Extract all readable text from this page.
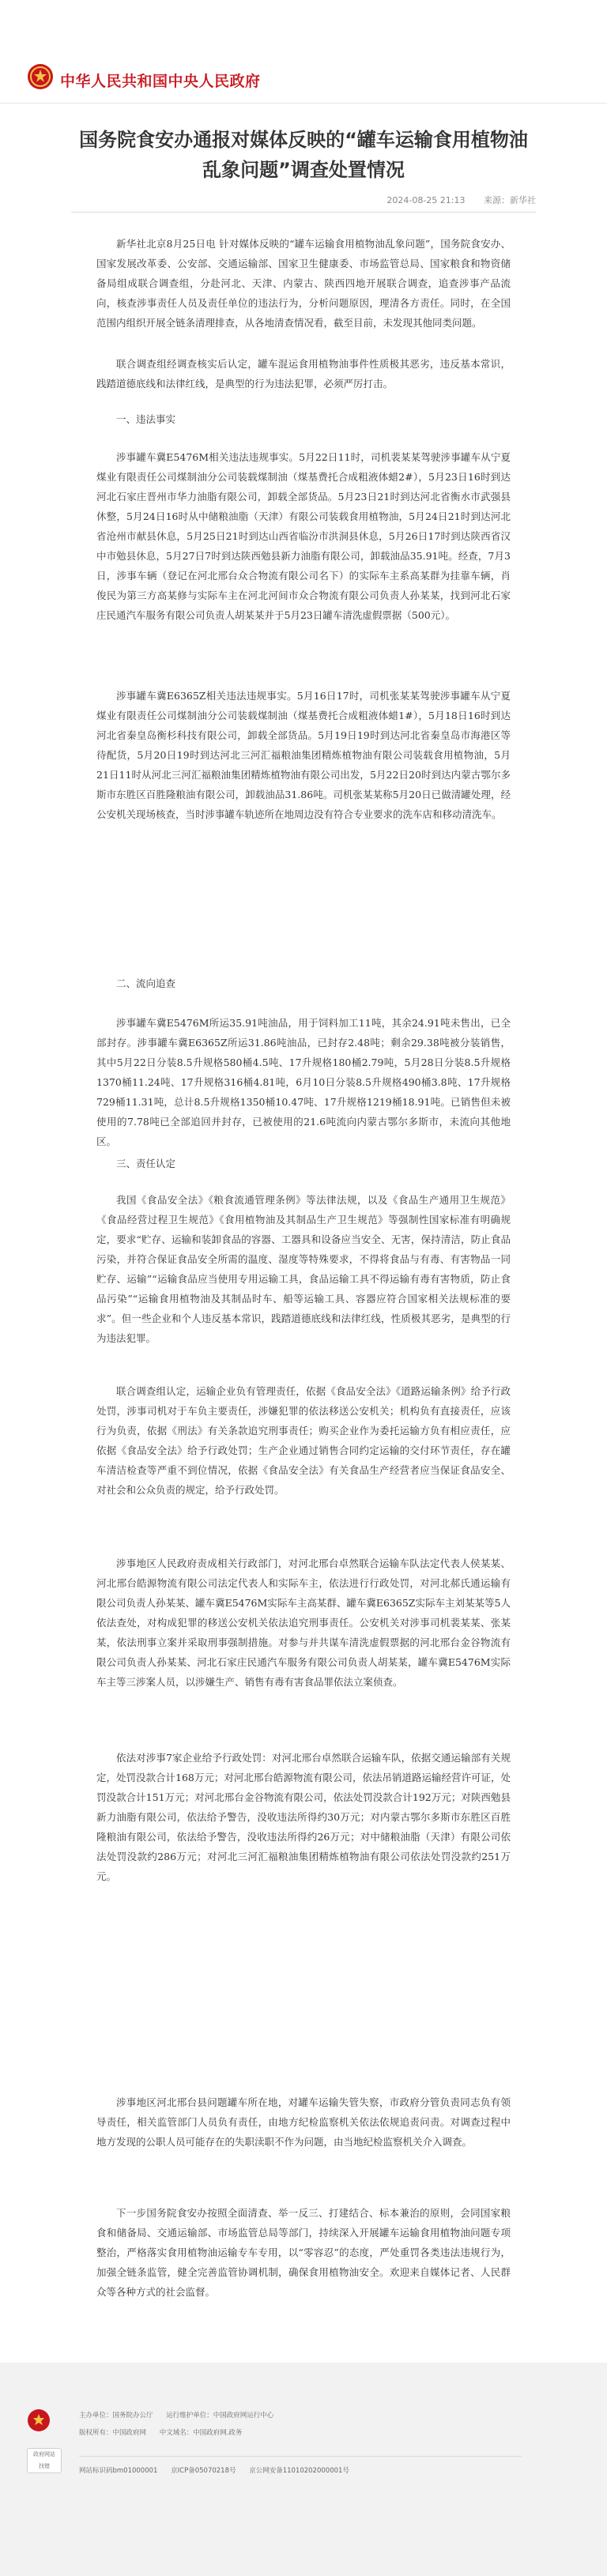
中华人民共和国中央人民政府
国务院食安办通报对媒体反映的“罐车运输食用植物油乱象问题”调查处置情况
2024-08-25 21:13 来源：新华社

新华社北京8月25日电 针对媒体反映的“罐车运输食用植物油乱象问题”，国务院食安办、国家发展改革委、公安部、交通运输部、国家卫生健康委、市场监管总局、国家粮食和物资储备局组成联合调查组，分赴河北、天津、内蒙古、陕西四地开展联合调查，追查涉事产品流向，核查涉事责任人员及责任单位的违法行为，分析问题原因，理清各方责任。同时，在全国范围内组织开展全链条清理排查，从各地清查情况看，截至目前，未发现其他同类问题。

联合调查组经调查核实后认定，罐车混运食用植物油事件性质极其恶劣，违反基本常识，践踏道德底线和法律红线，是典型的行为违法犯罪，必须严厉打击。

一、违法事实

涉事罐车冀E5476M相关违法违规事实。5月22日11时，司机裴某某驾驶涉事罐车从宁夏煤业有限责任公司煤制油分公司装载煤制油（煤基费托合成粗液体蜡2#），5月23日16时到达河北石家庄晋州市华力油脂有限公司，卸载全部货品。5月23日21时到达河北省衡水市武强县休整，5月24日16时从中储粮油脂（天津）有限公司装载食用植物油，5月24日21时到达河北省沧州市献县休息，5月25日21时到达山西省临汾市洪洞县休息，5月26日17时到达陕西省汉中市勉县休息，5月27日7时到达陕西勉县新力油脂有限公司，卸载油品35.91吨。经查，7月3日，涉事车辆（登记在河北邢台众合物流有限公司名下）的实际车主系高某群为挂靠车辆，肖俊民为第三方高某修与实际车主在河北河间市众合物流有限公司负责人孙某某，找到河北石家庄民通汽车服务有限公司负责人胡某某并于5月23日罐车清洗虚假票据（500元）。

涉事罐车冀E6365Z相关违法违规事实。5月16日17时，司机张某某驾驶涉事罐车从宁夏煤业有限责任公司煤制油分公司装载煤制油（煤基费托合成粗液体蜡1#），5月18日16时到达河北省秦皇岛衡杉科技有限公司，卸载全部货品。5月19日19时到达河北省秦皇岛市海港区等待配货，5月20日19时到达河北三河汇福粮油集团精炼植物油有限公司装载食用植物油，5月21日11时从河北三河汇福粮油集团精炼植物油有限公司出发，5月22日20时到达内蒙古鄂尔多斯市东胜区百胜隆粮油有限公司，卸载油品31.86吨。司机张某某称5月20日已做清罐处理，经公安机关现场核查，当时涉事罐车轨迹所在地周边没有符合专业要求的洗车店和移动清洗车。

二、流向追查

涉事罐车冀E5476M所运35.91吨油品，用于饲料加工11吨，其余24.91吨未售出，已全部封存。涉事罐车冀E6365Z所运31.86吨油品，已封存2.48吨；剩余29.38吨被分装销售，其中5月22日分装8.5升规格580桶4.5吨、17升规格180桶2.79吨，5月28日分装8.5升规格1370桶11.24吨、17升规格316桶4.81吨，6月10日分装8.5升规格490桶3.8吨、17升规格729桶11.31吨，总计8.5升规格1350桶10.47吨、17升规格1219桶18.91吨。已销售但未被使用的7.78吨已全部追回并封存，已被使用的21.6吨流向内蒙古鄂尔多斯市，未流向其他地区。

三、责任认定

我国《食品安全法》《粮食流通管理条例》等法律法规，以及《食品生产通用卫生规范》《食品经营过程卫生规范》《食用植物油及其制品生产卫生规范》等强制性国家标准有明确规定，要求“贮存、运输和装卸食品的容器、工器具和设备应当安全、无害，保持清洁，防止食品污染，并符合保证食品安全所需的温度、湿度等特殊要求，不得将食品与有毒、有害物品一同贮存、运输”“运输食品应当使用专用运输工具，食品运输工具不得运输有毒有害物质，防止食品污染”“运输食用植物油及其制品时车、船等运输工具、容器应符合国家相关法规标准的要求”。但一些企业和个人违反基本常识，践踏道德底线和法律红线，性质极其恶劣，是典型的行为违法犯罪。

联合调查组认定，运输企业负有管理责任，依据《食品安全法》《道路运输条例》给予行政处罚，涉事司机对于车负主要责任，涉嫌犯罪的依法移送公安机关；机构负有直接责任，应该行为负责，依据《刑法》有关条款追究刑事责任；购买企业作为委托运输方负有相应责任，应依据《食品安全法》给予行政处罚；生产企业通过销售合同约定运输的交付环节责任，存在罐车清洁检查等严重不到位情况，依据《食品安全法》有关食品生产经营者应当保证食品安全、对社会和公众负责的规定，给予行政处罚。

涉事地区人民政府责成相关行政部门，对河北邢台卓然联合运输车队法定代表人侯某某、河北邢台皓源物流有限公司法定代表人和实际车主，依法进行行政处罚，对河北郝氏通运输有限公司负责人孙某某、罐车冀E5476M实际车主高某群、罐车冀E6365Z实际车主刘某某等5人依法查处，对构成犯罪的移送公安机关依法追究刑事责任。公安机关对涉事司机裴某某、张某某，依法刑事立案并采取刑事强制措施。对参与并共谋车清洗虚假票据的河北邢台金谷物流有限公司负责人孙某某、河北石家庄民通汽车服务有限公司负责人胡某某，罐车冀E5476M实际车主等三涉案人员，以涉嫌生产、销售有毒有害食品罪依法立案侦查。

依法对涉事7家企业给予行政处罚：对河北邢台卓然联合运输车队，依据交通运输部有关规定，处罚没款合计168万元；对河北邢台皓源物流有限公司，依法吊销道路运输经营许可证，处罚没款合计151万元；对河北邢台金谷物流有限公司，依法处罚没款合计192万元；对陕西勉县新力油脂有限公司，依法给予警告，没收违法所得约30万元；对内蒙古鄂尔多斯市东胜区百胜隆粮油有限公司，依法给予警告，没收违法所得约26万元；对中储粮油脂（天津）有限公司依法处罚没款约286万元；对河北三河汇福粮油集团精炼植物油有限公司依法处罚没款约251万元。

涉事地区河北邢台县问题罐车所在地，对罐车运输失管失察，市政府分管负责同志负有领导责任，相关监管部门人员负有责任，由地方纪检监察机关依法依规追责问责。对调查过程中地方发现的公职人员可能存在的失职渎职不作为问题，由当地纪检监察机关介入调查。

下一步国务院食安办按照全面清查、举一反三、打建结合、标本兼治的原则，会同国家粮食和储备局、交通运输部、市场监管总局等部门，持续深入开展罐车运输食用植物油问题专项整治，严格落实食用植物油运输专车专用，以“零容忍”的态度，严处重罚各类违法违规行为，加强全链条监管，健全完善监管协调机制，确保食用植物油安全。欢迎来自媒体记者、人民群众等各种方式的社会监督。

政府网站
找错
主办单位：国务院办公厅 运行维护单位：中国政府网运行中心
版权所有：中国政府网 中文域名：中国政府网.政务
网站标识码bm01000001 京ICP备05070218号 京公网安备11010202000001号
